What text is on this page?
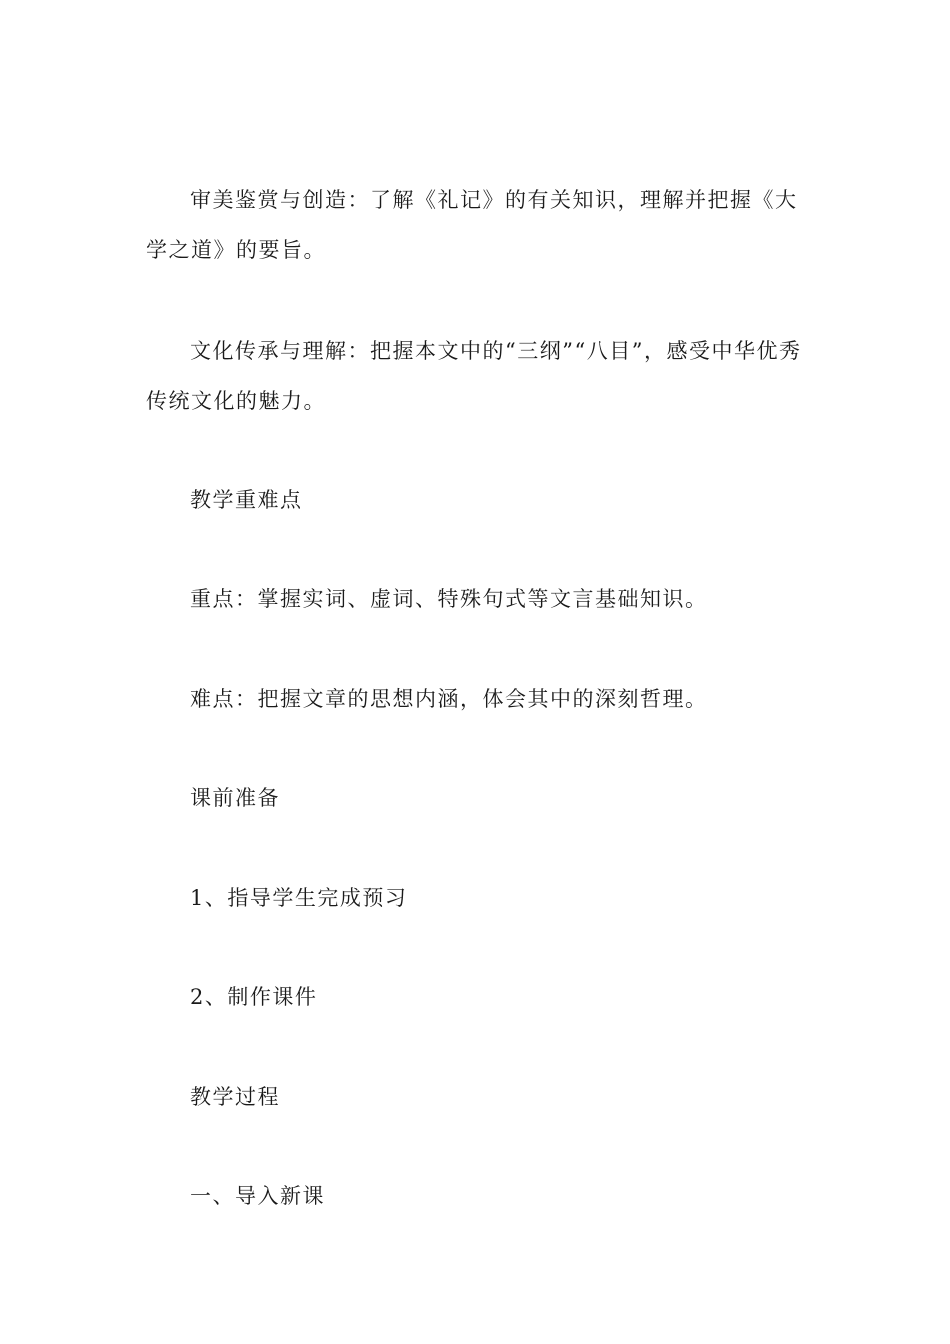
审美鉴赏与创造：了解《礼记》的有关知识，理解并把握《大学之道》的要旨。

文化传承与理解：把握本文中的“三纲”“八目”，感受中华优秀传统文化的魅力。

教学重难点

重点：掌握实词、虚词、特殊句式等文言基础知识。

难点：把握文章的思想内涵，体会其中的深刻哲理。

课前准备

1、指导学生完成预习

2、制作课件

教学过程

一、导入新课
